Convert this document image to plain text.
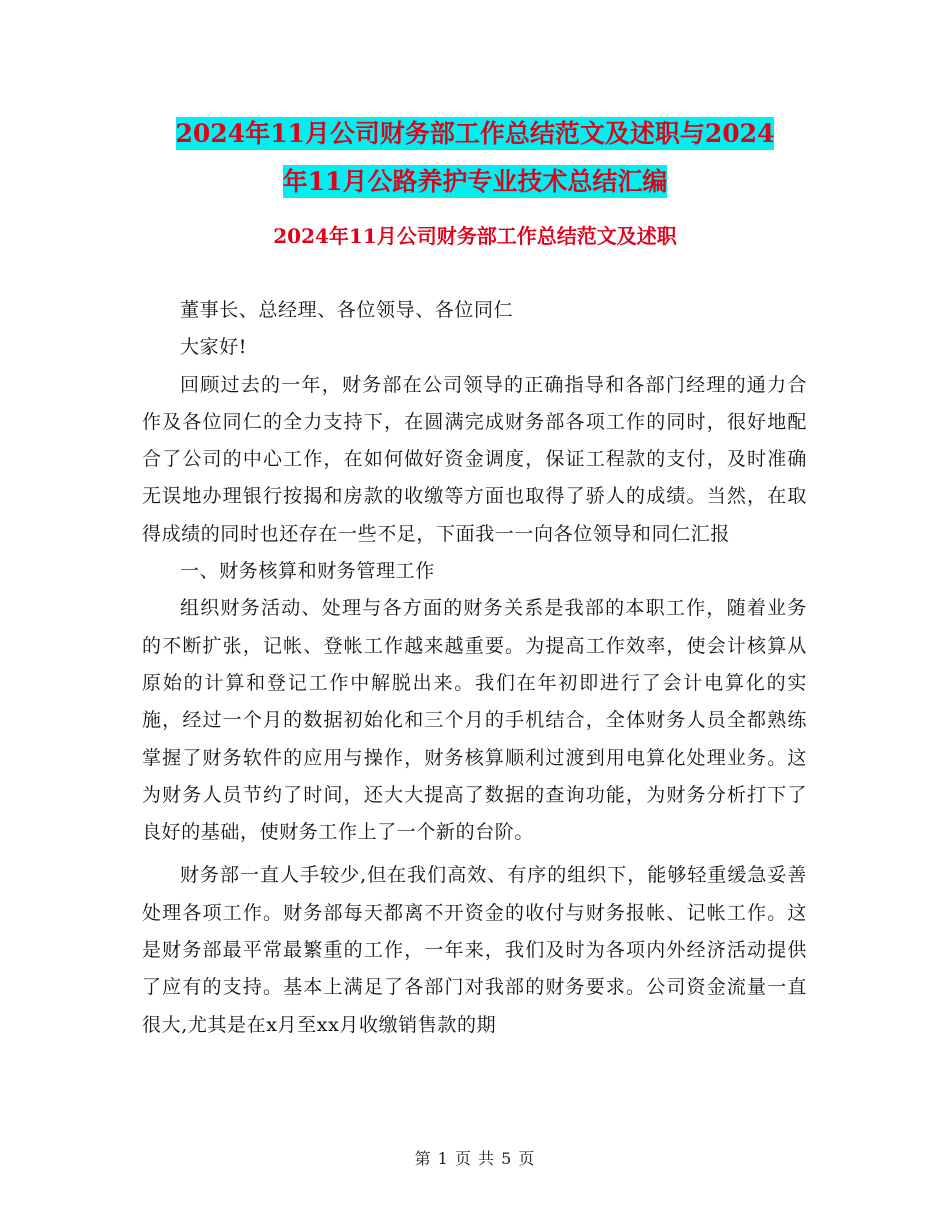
2024年11月公司财务部工作总结范文及述职与2024
年11月公路养护专业技术总结汇编
2024年11月公司财务部工作总结范文及述职

董事长、总经理、各位领导、各位同仁

大家好!

回顾过去的一年，财务部在公司领导的正确指导和各部门经理的通力合作及各位同仁的全力支持下，在圆满完成财务部各项工作的同时，很好地配合了公司的中心工作，在如何做好资金调度，保证工程款的支付，及时准确无误地办理银行按揭和房款的收缴等方面也取得了骄人的成绩。当然，在取得成绩的同时也还存在一些不足，下面我一一向各位领导和同仁汇报

一、财务核算和财务管理工作

组织财务活动、处理与各方面的财务关系是我部的本职工作，随着业务的不断扩张，记帐、登帐工作越来越重要。为提高工作效率，使会计核算从原始的计算和登记工作中解脱出来。我们在年初即进行了会计电算化的实施，经过一个月的数据初始化和三个月的手机结合，全体财务人员全都熟练掌握了财务软件的应用与操作，财务核算顺利过渡到用电算化处理业务。这为财务人员节约了时间，还大大提高了数据的查询功能，为财务分析打下了良好的基础，使财务工作上了一个新的台阶。

财务部一直人手较少,但在我们高效、有序的组织下，能够轻重缓急妥善处理各项工作。财务部每天都离不开资金的收付与财务报帐、记帐工作。这是财务部最平常最繁重的工作，一年来，我们及时为各项内外经济活动提供了应有的支持。基本上满足了各部门对我部的财务要求。公司资金流量一直很大,尤其是在x月至xx月收缴销售款的期

第 1 页 共 5 页
